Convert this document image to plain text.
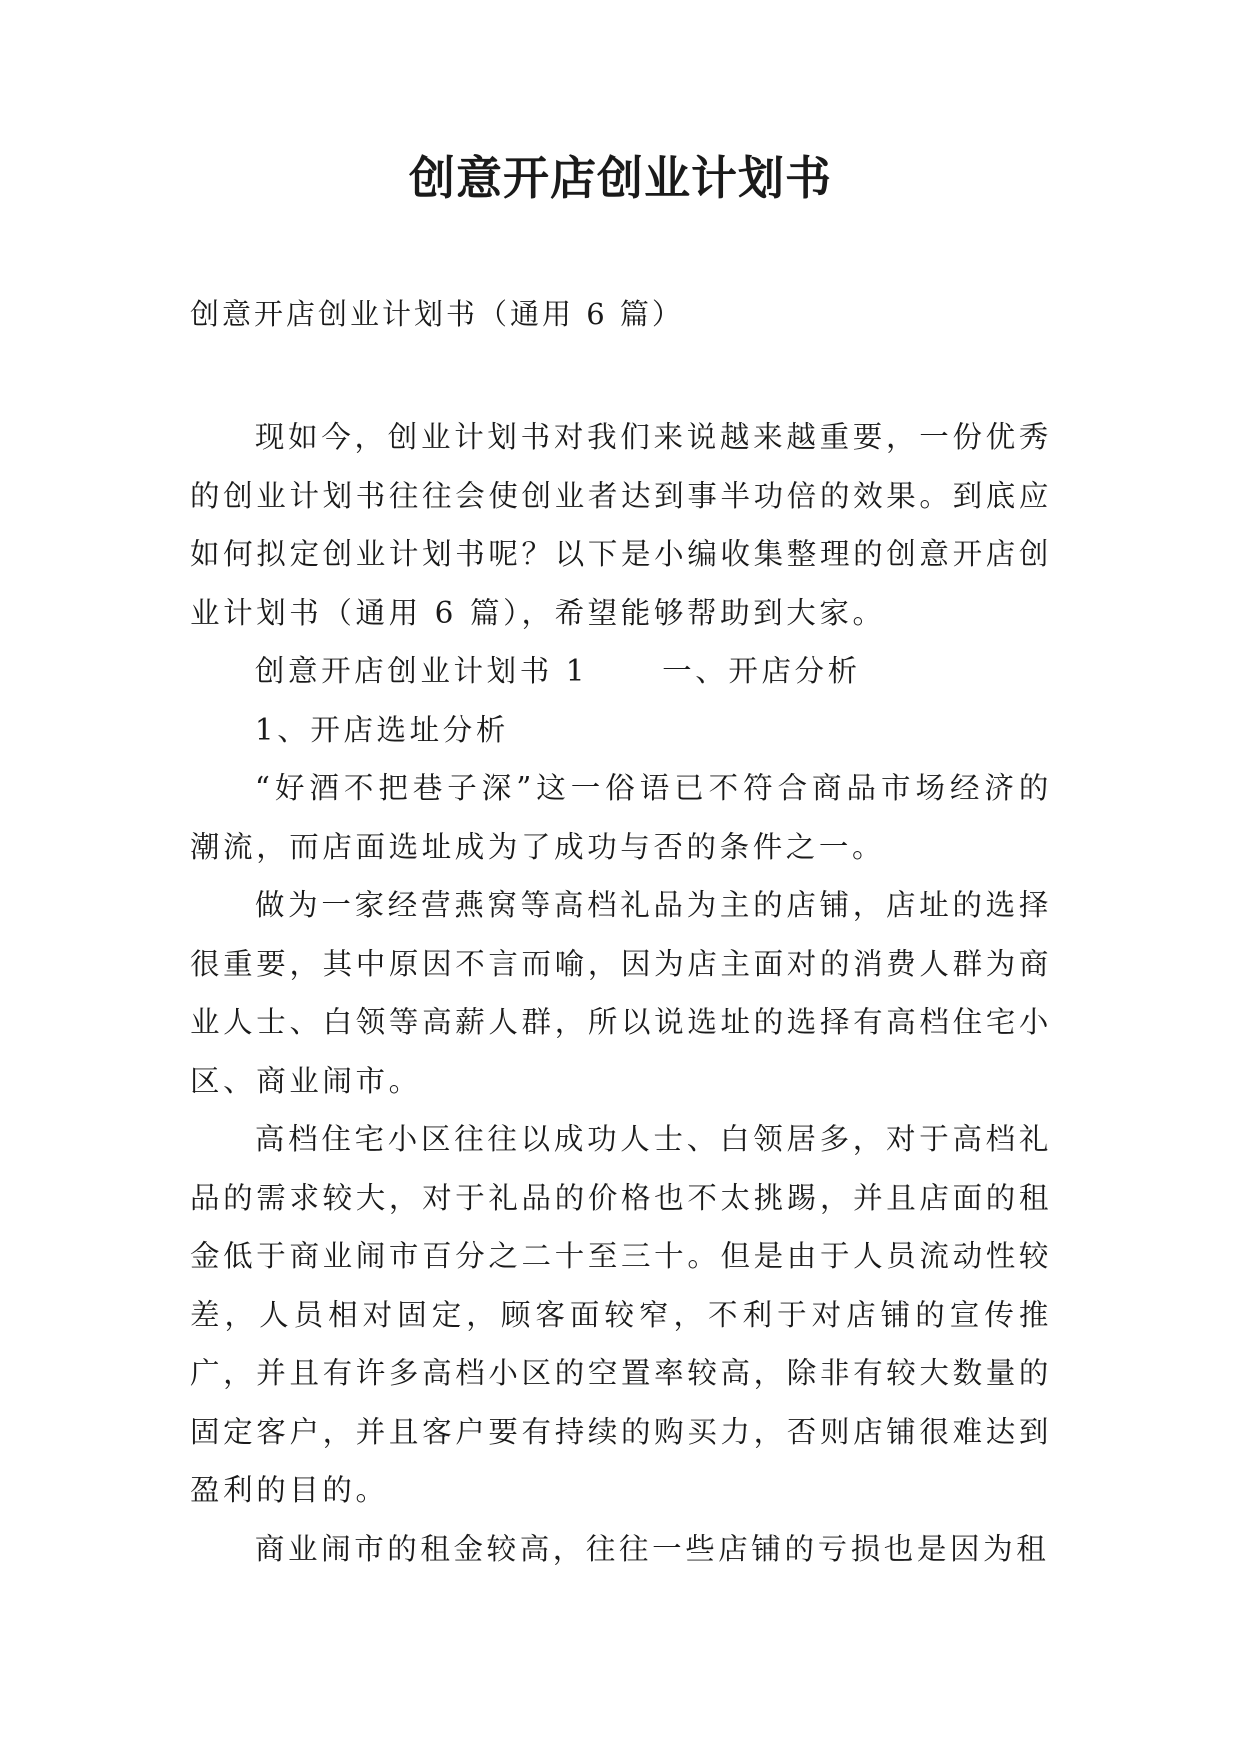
创意开店创业计划书
创意开店创业计划书（通用 6 篇）

现如今，创业计划书对我们来说越来越重要，一份优秀的创业计划书往往会使创业者达到事半功倍的效果。到底应如何拟定创业计划书呢？以下是小编收集整理的创意开店创业计划书（通用 6 篇），希望能够帮助到大家。

创意开店创业计划书 1	一、开店分析

1、开店选址分析

“好酒不把巷子深”这一俗语已不符合商品市场经济的潮流，而店面选址成为了成功与否的条件之一。

做为一家经营燕窝等高档礼品为主的店铺，店址的选择很重要，其中原因不言而喻，因为店主面对的消费人群为商业人士、白领等高薪人群，所以说选址的选择有高档住宅小区、商业闹市。

高档住宅小区往往以成功人士、白领居多，对于高档礼品的需求较大，对于礼品的价格也不太挑踢，并且店面的租金低于商业闹市百分之二十至三十。但是由于人员流动性较差，人员相对固定，顾客面较窄，不利于对店铺的宣传推广，并且有许多高档小区的空置率较高，除非有较大数量的固定客户，并且客户要有持续的购买力，否则店铺很难达到盈利的目的。

商业闹市的租金较高，往往一些店铺的亏损也是因为租
